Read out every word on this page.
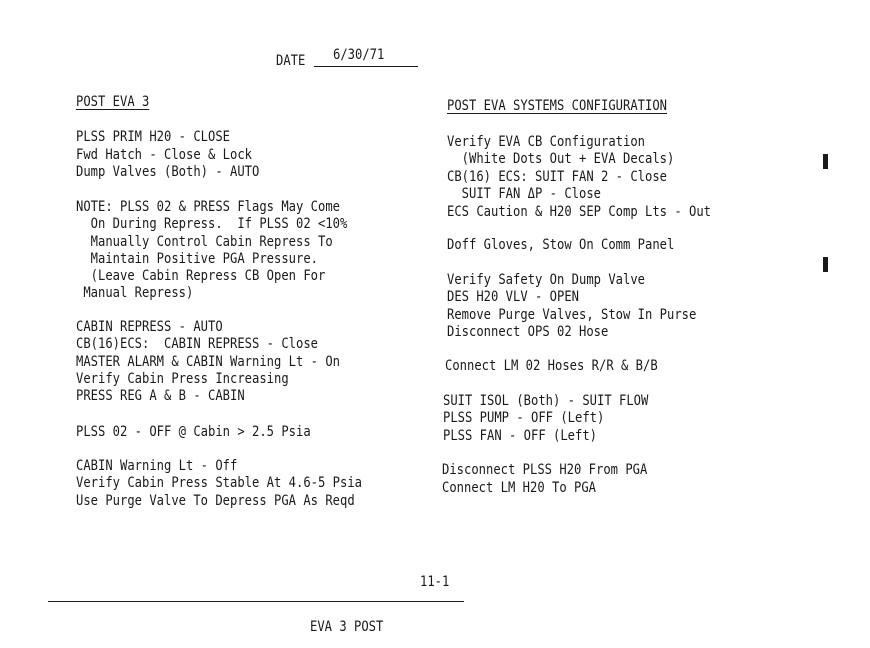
DATE 6/30/71
POST EVA 3
PLSS PRIM H20 - CLOSE
Fwd Hatch - Close & Lock
Dump Valves (Both) - AUTO
NOTE: PLSS 02 & PRESS Flags May Come
On During Repress.  If PLSS 02 <10%
Manually Control Cabin Repress To
Maintain Positive PGA Pressure.
(Leave Cabin Repress CB Open For
Manual Repress)
CABIN REPRESS - AUTO
CB(16)ECS:  CABIN REPRESS - Close
MASTER ALARM & CABIN Warning Lt - On
Verify Cabin Press Increasing
PRESS REG A & B - CABIN
PLSS 02 - OFF @ Cabin > 2.5 Psia
CABIN Warning Lt - Off
Verify Cabin Press Stable At 4.6-5 Psia
Use Purge Valve To Depress PGA As Reqd
POST EVA SYSTEMS CONFIGURATION
Verify EVA CB Configuration
(White Dots Out + EVA Decals)
CB(16) ECS: SUIT FAN 2 - Close
SUIT FAN ΔP - Close
ECS Caution & H20 SEP Comp Lts - Out
Doff Gloves, Stow On Comm Panel
Verify Safety On Dump Valve
DES H20 VLV - OPEN
Remove Purge Valves, Stow In Purse
Disconnect OPS 02 Hose
Connect LM 02 Hoses R/R & B/B
SUIT ISOL (Both) - SUIT FLOW
PLSS PUMP - OFF (Left)
PLSS FAN - OFF (Left)
Disconnect PLSS H20 From PGA
Connect LM H20 To PGA
11-1
EVA 3 POST
